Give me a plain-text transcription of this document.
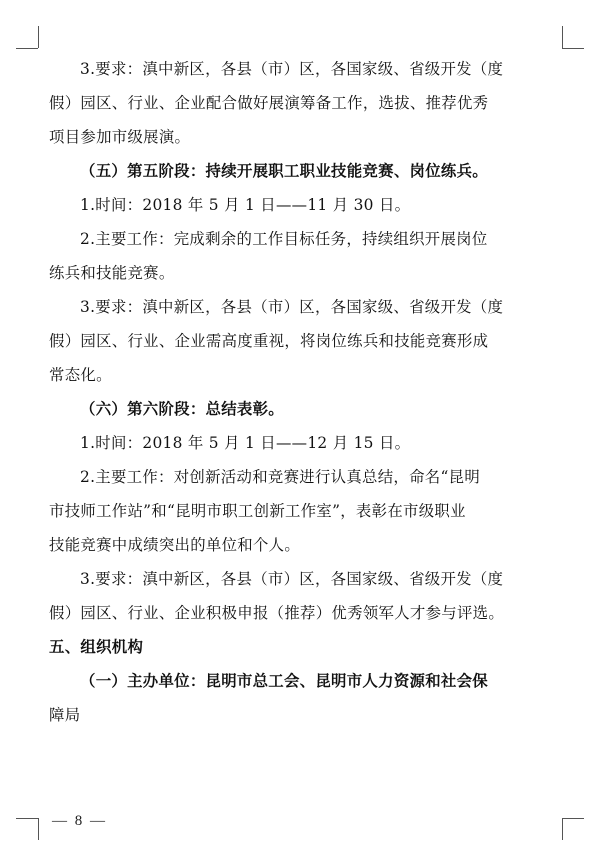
3.要求：滇中新区，各县（市）区，各国家级、省级开发（度

假）园区、行业、企业配合做好展演筹备工作，选拔、推荐优秀

项目参加市级展演。

（五）第五阶段：持续开展职工职业技能竞赛、岗位练兵。

1.时间：2018 年 5 月 1 日——11 月 30 日。

2.主要工作：完成剩余的工作目标任务，持续组织开展岗位

练兵和技能竞赛。

3.要求：滇中新区，各县（市）区，各国家级、省级开发（度

假）园区、行业、企业需高度重视，将岗位练兵和技能竞赛形成

常态化。

（六）第六阶段：总结表彰。

1.时间：2018 年 5 月 1 日——12 月 15 日。

2.主要工作：对创新活动和竞赛进行认真总结，命名“昆明

市技师工作站”和“昆明市职工创新工作室”，表彰在市级职业

技能竞赛中成绩突出的单位和个人。

3.要求：滇中新区，各县（市）区，各国家级、省级开发（度

假）园区、行业、企业积极申报（推荐）优秀领军人才参与评选。

五、组织机构

（一）主办单位：昆明市总工会、昆明市人力资源和社会保

障局

— 8 —
